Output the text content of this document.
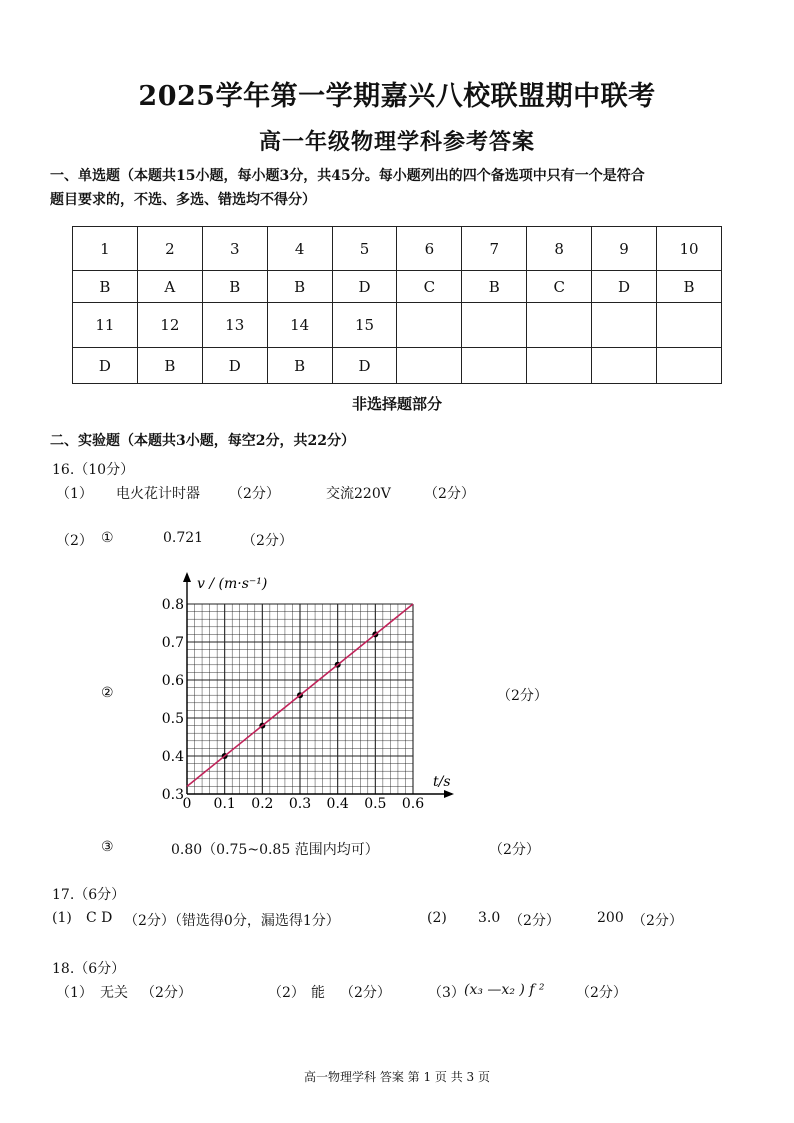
2025学年第一学期嘉兴八校联盟期中联考
高一年级物理学科参考答案
一、单选题（本题共15小题，每小题3分，共45分。每小题列出的四个备选项中只有一个是符合
题目要求的，不选、多选、错选均不得分）
1	2	3	4	5	6	7	8	9	10
B	A	B	B	D	C	B	C	D	B
11	12	13	14	15					
D	B	D	B	D					
非选择题部分
二、实验题（本题共3小题，每空2分，共22分）
16.（10分）
（1） 电火花计时器 （2分）	交流220V （2分）
（2） ①	0.721	（2分）
②	（2分）
0 0.1 0.2 0.3 0.4 0.5 0.6
0.3
0.4
0.5
0.6
0.7
0.8
v / (m·s⁻¹)
t/s
③	0.80（0.75~0.85 范围内均可）	（2分）
17.（6分）
(1) C D （2分）（错选得0分，漏选得1分）	(2) 3.0 （2分）	200 （2分）
18.（6分）
（1） 无关 （2分）	（2） 能 （2分）	（3） (x₃ —x₂ ) f ² （2分）
高一物理学科 答案 第 1 页 共 3 页
